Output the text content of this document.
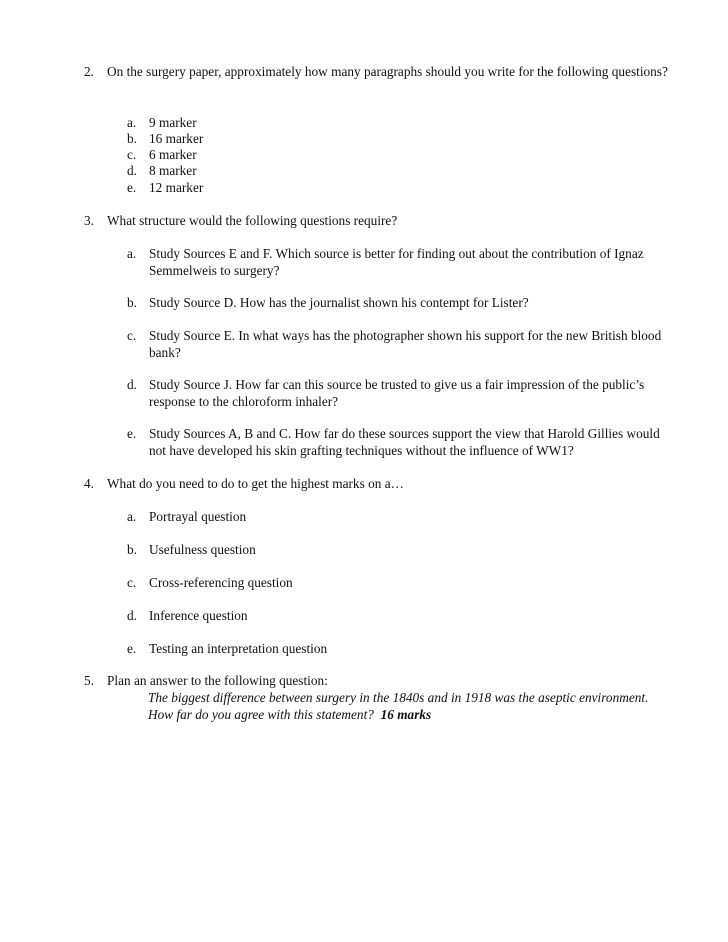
2. On the surgery paper, approximately how many paragraphs should you write for the following questions?
a. 9 marker
b. 16 marker
c. 6 marker
d. 8 marker
e. 12 marker
3. What structure would the following questions require?
a. Study Sources E and F. Which source is better for finding out about the contribution of Ignaz Semmelweis to surgery?
b. Study Source D. How has the journalist shown his contempt for Lister?
c. Study Source E. In what ways has the photographer shown his support for the new British blood bank?
d. Study Source J. How far can this source be trusted to give us a fair impression of the public’s response to the chloroform inhaler?
e. Study Sources A, B and C. How far do these sources support the view that Harold Gillies would not have developed his skin grafting techniques without the influence of WW1?
4. What do you need to do to get the highest marks on a…
a. Portrayal question
b. Usefulness question
c. Cross-referencing question
d. Inference question
e. Testing an interpretation question
5. Plan an answer to the following question:
The biggest difference between surgery in the 1840s and in 1918 was the aseptic environment. How far do you agree with this statement? 16 marks
